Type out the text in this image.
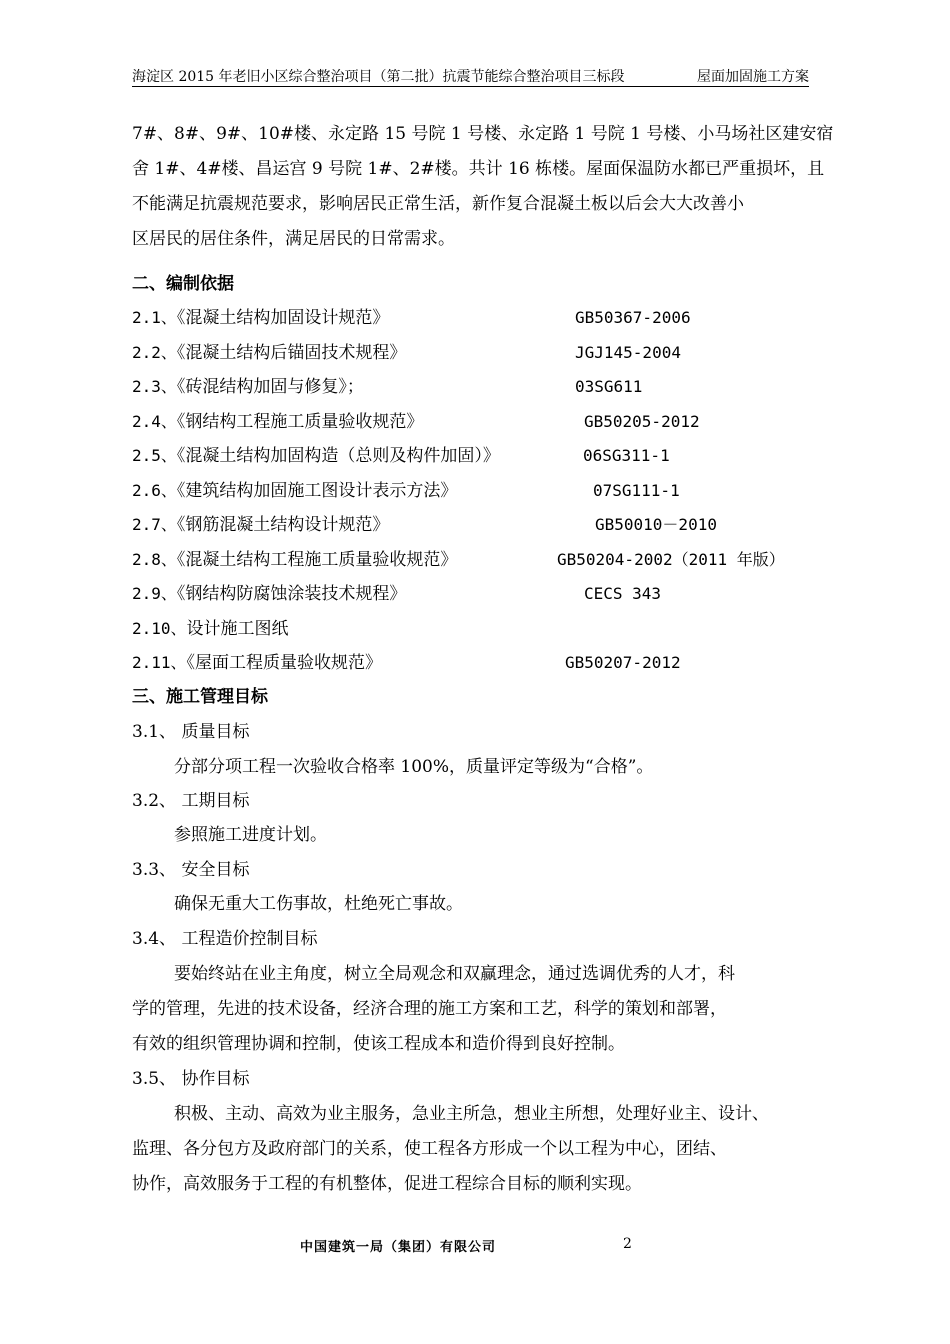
海淀区 2015 年老旧小区综合整治项目（第二批）抗震节能综合整治项目三标段	屋面加固施工方案
7#、8#、9#、10#楼、永定路 15 号院 1 号楼、永定路 1 号院 1 号楼、小马场社区建安宿
舍 1#、4#楼、昌运宫 9 号院 1#、2#楼。共计 16 栋楼。屋面保温防水都已严重损坏，且
不能满足抗震规范要求，影响居民正常生活，新作复合混凝土板以后会大大改善小
区居民的居住条件，满足居民的日常需求。
二、编制依据
2.1、《混凝土结构加固设计规范》	GB50367-2006
2.2、《混凝土结构后锚固技术规程》	JGJ145-2004
2.3、《砖混结构加固与修复》；	03SG611
2.4、《钢结构工程施工质量验收规范》	GB50205-2012
2.5、《混凝土结构加固构造（总则及构件加固）》	06SG311-1
2.6、《建筑结构加固施工图设计表示方法》	07SG111-1
2.7、《钢筋混凝土结构设计规范》	GB50010－2010
2.8、《混凝土结构工程施工质量验收规范》	GB50204-2002（2011 年版）
2.9、《钢结构防腐蚀涂装技术规程》	CECS 343
2.10、设计施工图纸
2.11、《屋面工程质量验收规范》	GB50207-2012
三、施工管理目标
3.1、 质量目标
分部分项工程一次验收合格率 100%，质量评定等级为“合格”。
3.2、 工期目标
参照施工进度计划。
3.3、 安全目标
确保无重大工伤事故，杜绝死亡事故。
3.4、 工程造价控制目标
要始终站在业主角度，树立全局观念和双赢理念，通过选调优秀的人才，科
学的管理，先进的技术设备，经济合理的施工方案和工艺，科学的策划和部署，
有效的组织管理协调和控制，使该工程成本和造价得到良好控制。
3.5、 协作目标
积极、主动、高效为业主服务，急业主所急，想业主所想，处理好业主、设计、
监理、各分包方及政府部门的关系，使工程各方形成一个以工程为中心，团结、
协作，高效服务于工程的有机整体，促进工程综合目标的顺利实现。
中国建筑一局（集团）有限公司	2
